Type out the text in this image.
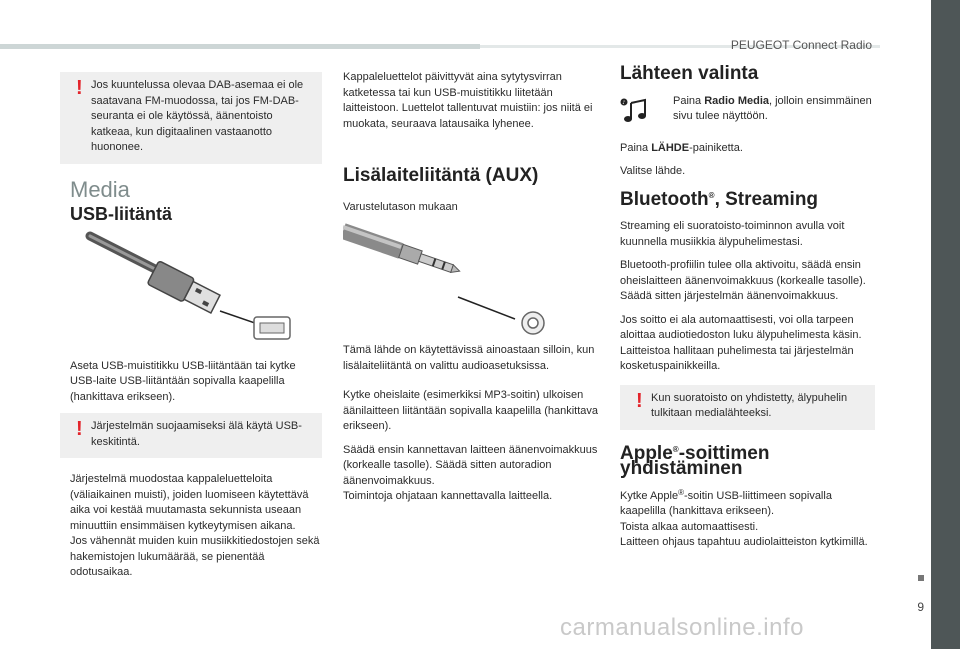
PEUGEOT Connect Radio
9
! Jos kuuntelussa olevaa DAB-asemaa ei ole saatavana FM-muodossa, tai jos FM-DAB-seuranta ei ole käytössä, äänentoisto katkeaa, kun digitaalinen vastaanotto huononee.

Media
USB-liitäntä

Aseta USB-muistitikku USB-liitäntään tai kytke USB-laite USB-liitäntään sopivalla kaapelilla (hankittava erikseen).

! Järjestelmän suojaamiseksi älä käytä USB-keskitintä.

Järjestelmä muodostaa kappaleluetteloita (väliaikainen muisti), joiden luomiseen käytettävä aika voi kestää muutamasta sekunnista useaan minuuttiin ensimmäisen kytkeytymisen aikana.
Jos vähennät muiden kuin musiikkitiedostojen sekä hakemistojen lukumäärää, se pienentää odotusaikaa.

Kappaleluettelot päivittyvät aina sytytysvirran katketessa tai kun USB-muistitikku liitetään laitteistoon. Luettelot tallentuvat muistiin: jos niitä ei muokata, seuraava latausaika lyhenee.

Lisälaiteliitäntä (AUX)

Varustelutason mukaan

Tämä lähde on käytettävissä ainoastaan silloin, kun lisälaiteliitäntä on valittu audioasetuksissa.

Kytke oheislaite (esimerkiksi MP3-soitin) ulkoisen äänilaitteen liitäntään sopivalla kaapelilla (hankittava erikseen).

Säädä ensin kannettavan laitteen äänenvoimakkuus (korkealle tasolle). Säädä sitten autoradion äänenvoimakkuus.
Toimintoja ohjataan kannettavalla laitteella.

Lähteen valinta
♪	Paina Radio Media, jolloin ensimmäinen sivu tulee näyttöön.

Paina LÄHDE-painiketta.

Valitse lähde.

Bluetooth®, Streaming

Streaming eli suoratoisto-toiminnon avulla voit kuunnella musiikkia älypuhelimestasi.

Bluetooth-profiilin tulee olla aktivoitu, säädä ensin oheislaitteen äänenvoimakkuus (korkealle tasolle).
Säädä sitten järjestelmän äänenvoimakkuus.

Jos soitto ei ala automaattisesti, voi olla tarpeen aloittaa audiotiedoston luku älypuhelimesta käsin.
Laitteistoa hallitaan puhelimesta tai järjestelmän kosketuspainikkeilla.

! Kun suoratoisto on yhdistetty, älypuhelin tulkitaan medialähteeksi.

Apple®-soittimen yhdistäminen

Kytke Apple®-soitin USB-liittimeen sopivalla kaapelilla (hankittava erikseen).
Toista alkaa automaattisesti.
Laitteen ohjaus tapahtuu audiolaitteiston kytkimillä.

carmanualsonline.info
